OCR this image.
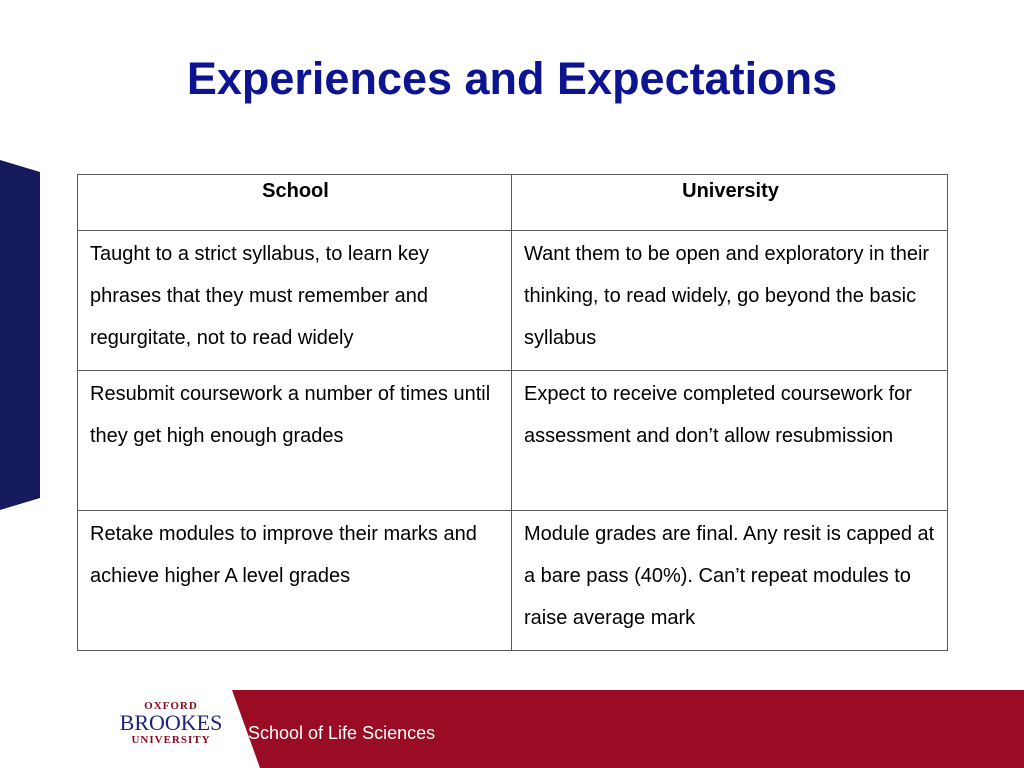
Experiences and Expectations
School	University
Taught to a strict syllabus, to learn key phrases that they must remember and regurgitate, not to read widely	Want them to be open and exploratory in their thinking, to read widely, go beyond the basic syllabus
Resubmit coursework a number of times until they get high enough grades	Expect to receive completed coursework for assessment and don’t allow resubmission
Retake modules to improve their marks and achieve higher A level grades	Module grades are final. Any resit is capped at a bare pass (40%). Can’t repeat modules to raise average mark
OXFORD
BROOKES
UNIVERSITY	School of Life Sciences
